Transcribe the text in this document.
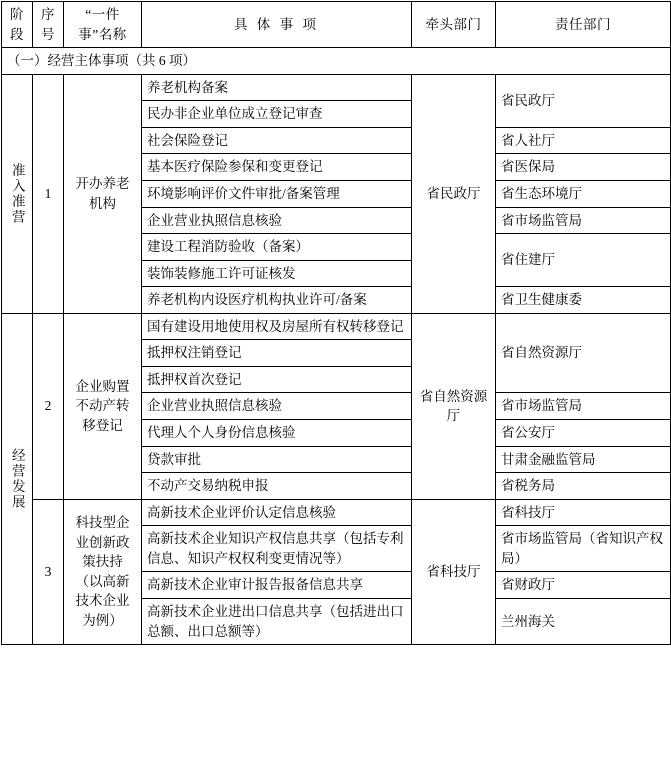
阶段	序号	“一件事”名称	具 体 事 项	牵头部门	责任部门
（一）经营主体事项（共 6 项）					
准入准营	1	开办养老机构	养老机构备案	省民政厅	省民政厅
			民办非企业单位成立登记审查		
			社会保险登记		省人社厅
			基本医疗保险参保和变更登记		省医保局
			环境影响评价文件审批/备案管理		省生态环境厅
			企业营业执照信息核验		省市场监管局
			建设工程消防验收（备案）		省住建厅
			装饰装修施工许可证核发		
			养老机构内设医疗机构执业许可/备案		省卫生健康委
经营发展	2	企业购置不动产转移登记	国有建设用地使用权及房屋所有权转移登记	省自然资源厅	省自然资源厅
			抵押权注销登记		
			抵押权首次登记		
			企业营业执照信息核验		省市场监管局
			代理人个人身份信息核验		省公安厅
			贷款审批		甘肃金融监管局
			不动产交易纳税申报		省税务局
	3	科技型企业创新政策扶持（以高新技术企业为例）	高新技术企业评价认定信息核验	省科技厅	省科技厅
			高新技术企业知识产权信息共享（包括专利信息、知识产权权利变更情况等）		省市场监管局（省知识产权局）
			高新技术企业审计报告报备信息共享		省财政厅
			高新技术企业进出口信息共享（包括进出口总额、出口总额等）		兰州海关
